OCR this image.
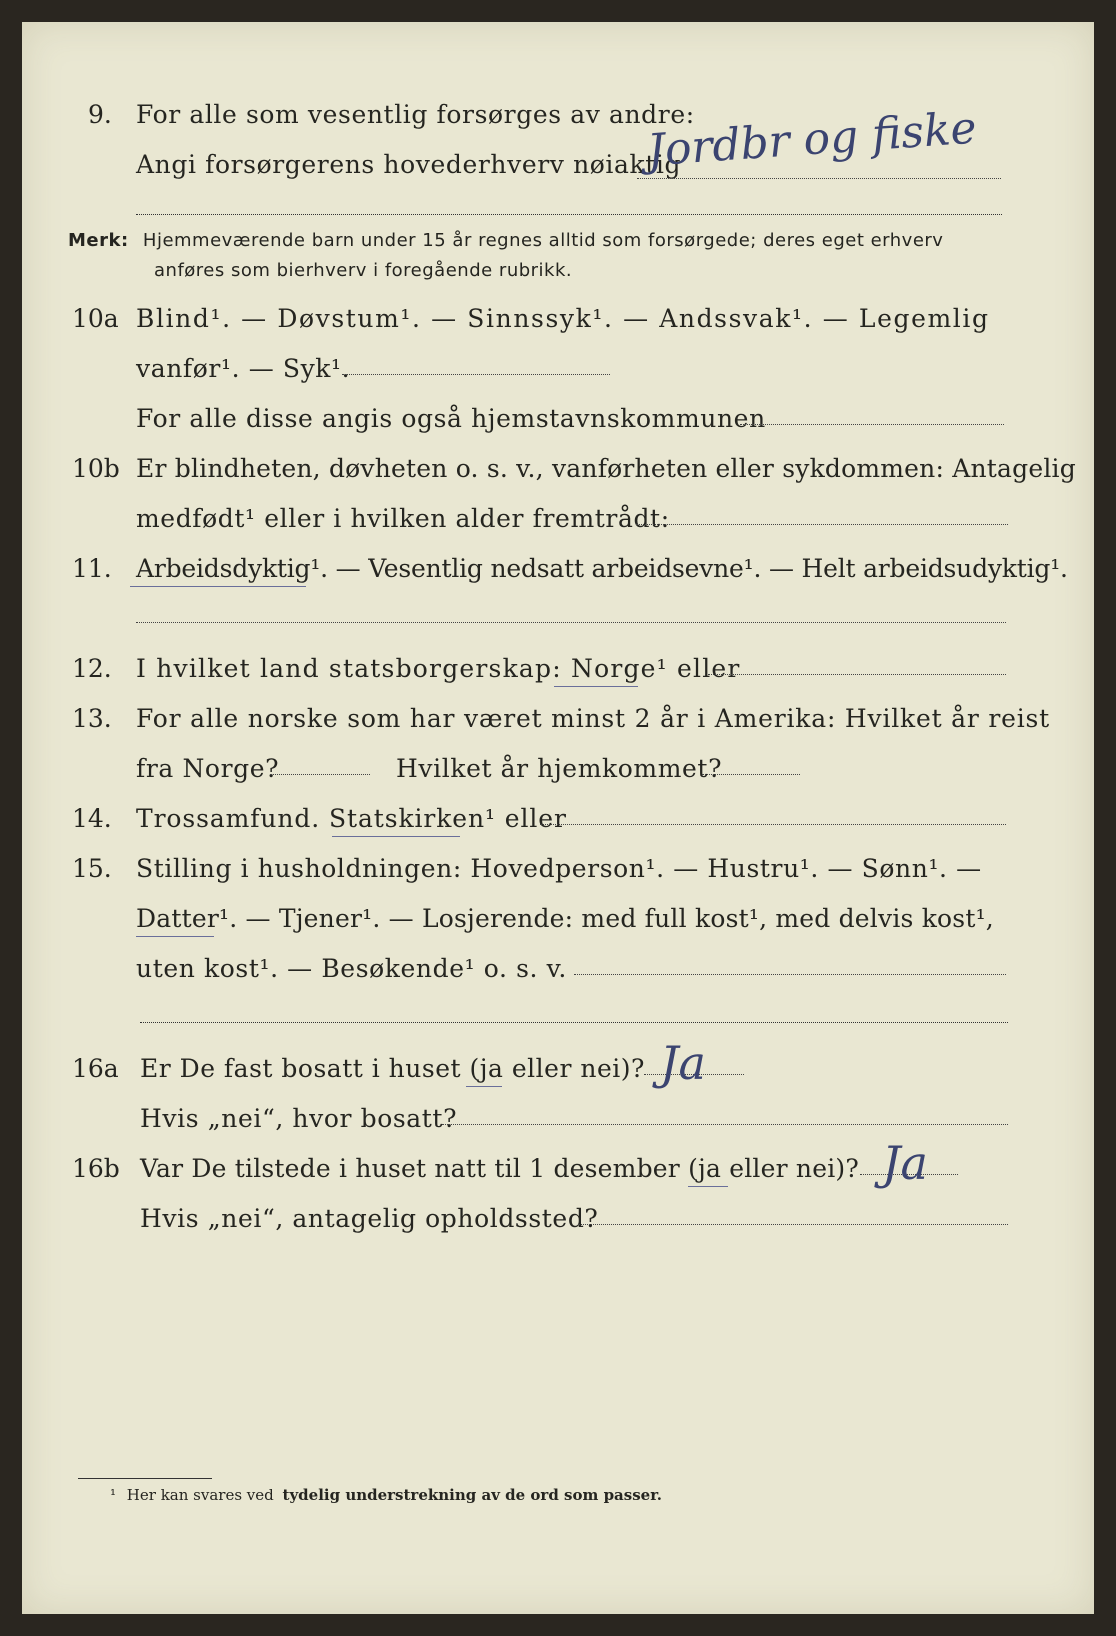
9. For alle som vesentlig forsørges av andre:
Angi forsørgerens hovederhverv nøiaktig
Jordbr og fiske
Merk: Hjemmeværende barn under 15 år regnes alltid som forsørgede; deres eget erhverv
anføres som bierhverv i foregående rubrikk.
10a Blind¹. — Døvstum¹. — Sinnssyk¹. — Andssvak¹. — Legemlig
vanfør¹. — Syk¹.
For alle disse angis også hjemstavnskommunen
10b Er blindheten, døvheten o. s. v., vanførheten eller sykdommen: Antagelig
medfødt¹ eller i hvilken alder fremtrådt:
11. Arbeidsdyktig¹. — Vesentlig nedsatt arbeidsevne¹. — Helt arbeidsudyktig¹.
12. I hvilket land statsborgerskap: Norge¹ eller
13. For alle norske som har været minst 2 år i Amerika: Hvilket år reist
fra Norge?	Hvilket år hjemkommet?
14. Trossamfund. Statskirken¹ eller
15. Stilling i husholdningen: Hovedperson¹. — Hustru¹. — Sønn¹. —
Datter¹. — Tjener¹. — Losjerende: med full kost¹, med delvis kost¹,
uten kost¹. — Besøkende¹ o. s. v.
16a Er De fast bosatt i huset (ja eller nei)? Ja
Hvis „nei“, hvor bosatt?
16b Var De tilstede i huset natt til 1 desember (ja eller nei)? Ja
Hvis „nei“, antagelig opholdssted?
¹ Her kan svares ved tydelig understrekning av de ord som passer.
